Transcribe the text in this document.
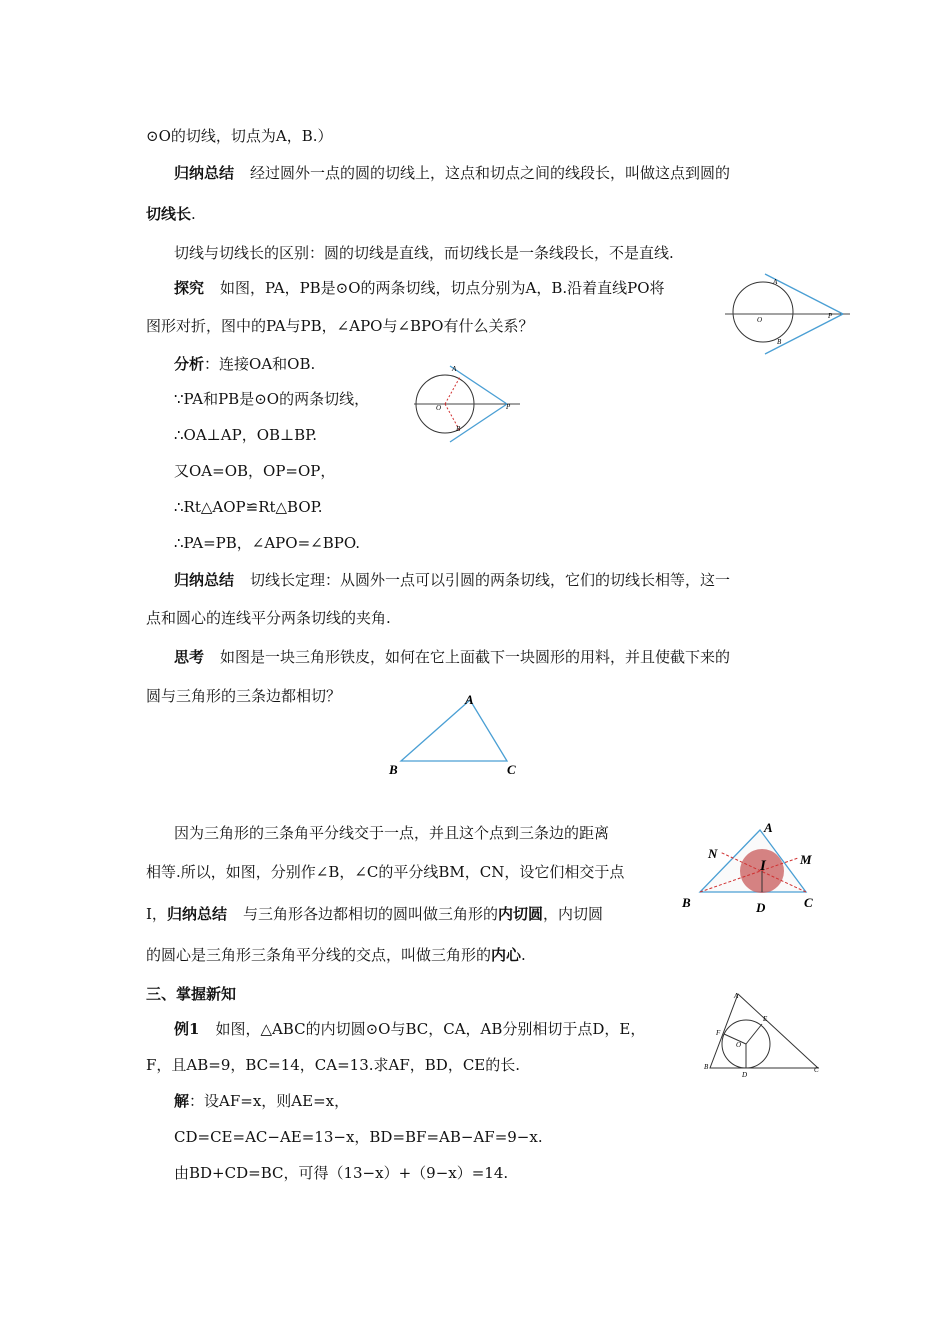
⊙O的切线，切点为A，B.）
归纳总结 经过圆外一点的圆的切线上，这点和切点之间的线段长，叫做这点到圆的
切线长.
切线与切线长的区别：圆的切线是直线，而切线长是一条线段长，不是直线.
探究 如图，PA，PB是⊙O的两条切线，切点分别为A，B.沿着直线PO将
图形对折，图中的PA与PB，∠APO与∠BPO有什么关系？
分析：连接OA和OB.
∵PA和PB是⊙O的两条切线，
∴OA⊥AP，OB⊥BP.
又OA=OB，OP=OP，
∴Rt△AOP≌Rt△BOP.
∴PA=PB，∠APO=∠BPO.
归纳总结 切线长定理：从圆外一点可以引圆的两条切线，它们的切线长相等，这一
点和圆心的连线平分两条切线的夹角.
思考 如图是一块三角形铁皮，如何在它上面截下一块圆形的用料，并且使截下来的
圆与三角形的三条边都相切？
因为三角形的三条角平分线交于一点，并且这个点到三条边的距离
相等.所以，如图，分别作∠B，∠C的平分线BM，CN，设它们相交于点
I，归纳总结 与三角形各边都相切的圆叫做三角形的内切圆，内切圆
的圆心是三角形三条角平分线的交点，叫做三角形的内心.
三、掌握新知
例1 如图，△ABC的内切圆⊙O与BC，CA，AB分别相切于点D，E，
F，且AB=9，BC=14，CA=13.求AF，BD，CE的长.
解：设AF=x，则AE=x，
CD=CE=AC−AE=13−x，BD=BF=AB−AF=9−x.
由BD+CD=BC，可得（13−x）+（9−x）=14.
A
O	P
B
A
O	P
B
A
B	C
A
N	M
I
B	D	C
A
E
F
O
B
D
C
